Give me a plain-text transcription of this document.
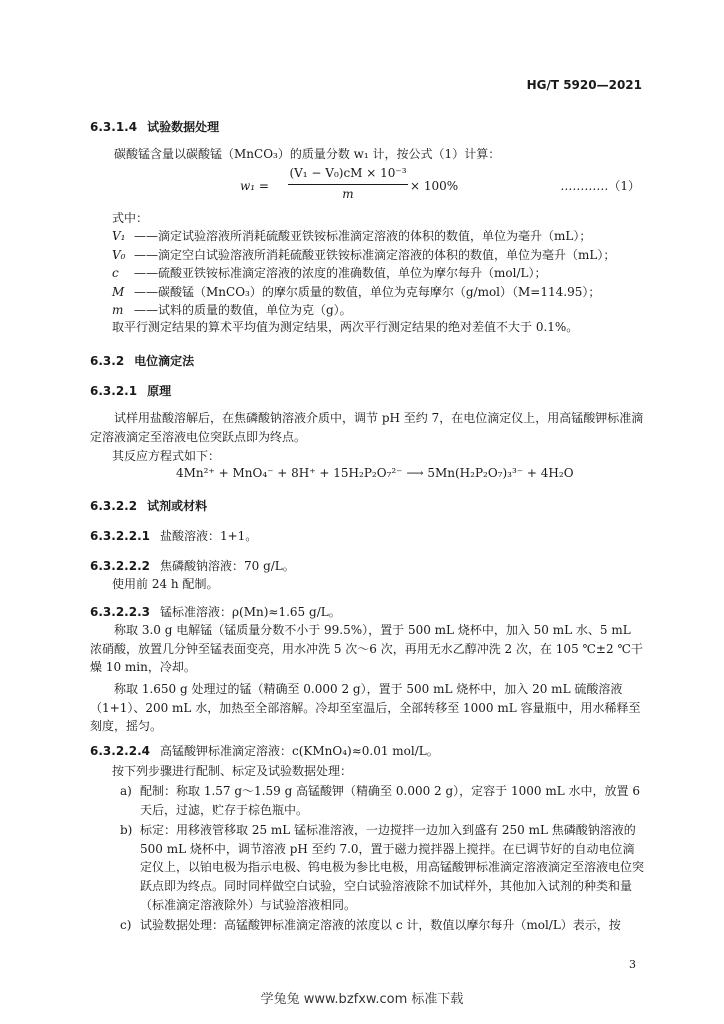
HG/T 5920—2021
6.3.1.4 试验数据处理

碳酸锰含量以碳酸锰（MnCO₃）的质量分数 w₁ 计，按公式（1）计算：

$w_1 = \frac{\text{(V₁ − V₀)cM × 10⁻³}}{m} \times 100\%$	…………（1）

式中：

V₁ ——滴定试验溶液所消耗硫酸亚铁铵标准滴定溶液的体积的数值，单位为毫升（mL）；
V₀ ——滴定空白试验溶液所消耗硫酸亚铁铵标准滴定溶液的体积的数值，单位为毫升（mL）；
c ——硫酸亚铁铵标准滴定溶液的浓度的准确数值，单位为摩尔每升（mol/L）；
M ——碳酸锰（MnCO₃）的摩尔质量的数值，单位为克每摩尔（g/mol）（M=114.95）；
m ——试料的质量的数值，单位为克（g）。

取平行测定结果的算术平均值为测定结果，两次平行测定结果的绝对差值不大于 0.1%。

6.3.2 电位滴定法
6.3.2.1 原理

试样用盐酸溶解后，在焦磷酸钠溶液介质中，调节 pH 至约 7，在电位滴定仪上，用高锰酸钾标准滴定溶液滴定至溶液电位突跃点即为终点。

其反应方程式如下：

4Mn²⁺ + MnO₄⁻ + 8H⁺ + 15H₂P₂O₇²⁻ ⟶ 5Mn(H₂P₂O₇)₃³⁻ + 4H₂O
6.3.2.2 试剂或材料
6.3.2.2.1 盐酸溶液：1+1。
6.3.2.2.2 焦磷酸钠溶液：70 g/L。

使用前 24 h 配制。

6.3.2.2.3 锰标准溶液：ρ(Mn)≈1.65 g/L。

称取 3.0 g 电解锰（锰质量分数不小于 99.5%），置于 500 mL 烧杯中，加入 50 mL 水、5 mL 浓硝酸，放置几分钟至锰表面变亮，用水冲洗 5 次～6 次，再用无水乙醇冲洗 2 次，在 105 ℃±2 ℃干燥 10 min，冷却。

称取 1.650 g 处理过的锰（精确至 0.000 2 g），置于 500 mL 烧杯中，加入 20 mL 硫酸溶液（1+1）、200 mL 水，加热至全部溶解。冷却至室温后，全部转移至 1000 mL 容量瓶中，用水稀释至刻度，摇匀。

6.3.2.2.4 高锰酸钾标准滴定溶液：c(KMnO₄)≈0.01 mol/L。

按下列步骤进行配制、标定及试验数据处理：

a) 配制：称取 1.57 g～1.59 g 高锰酸钾（精确至 0.000 2 g），定容于 1000 mL 水中，放置 6 天后，过滤，贮存于棕色瓶中。
b) 标定：用移液管移取 25 mL 锰标准溶液，一边搅拌一边加入到盛有 250 mL 焦磷酸钠溶液的 500 mL 烧杯中，调节溶液 pH 至约 7.0，置于磁力搅拌器上搅拌。在已调节好的自动电位滴定仪上，以铂电极为指示电极、钨电极为参比电极，用高锰酸钾标准滴定溶液滴定至溶液电位突跃点即为终点。同时同样做空白试验，空白试验溶液除不加试样外，其他加入试剂的种类和量（标准滴定溶液除外）与试验溶液相同。
c) 试验数据处理：高锰酸钾标准滴定溶液的浓度以 c 计，数值以摩尔每升（mol/L）表示，按
3
学兔兔 www.bzfxw.com 标准下载
